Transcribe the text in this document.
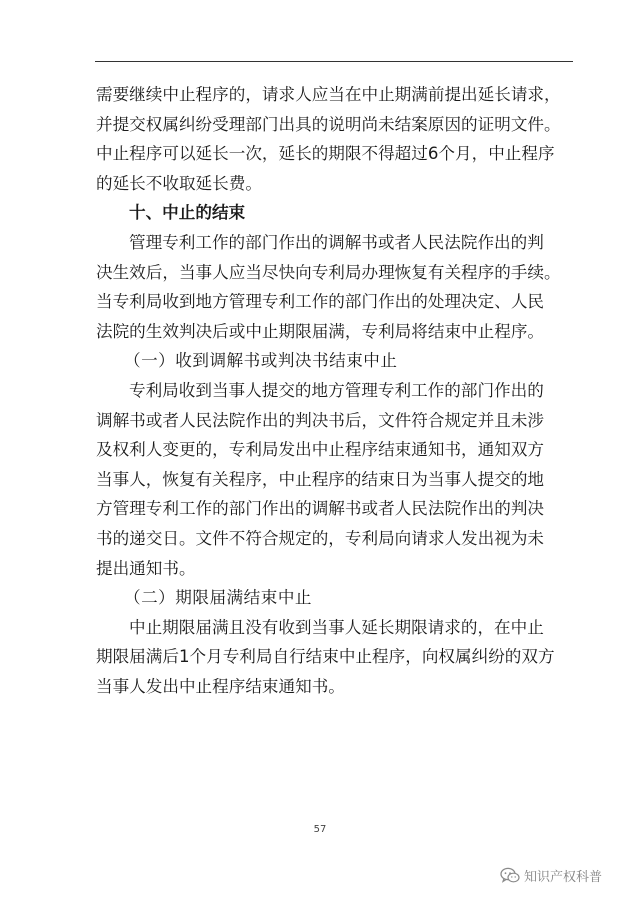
需要继续中止程序的，请求人应当在中止期满前提出延长请求，
并提交权属纠纷受理部门出具的说明尚未结案原因的证明文件。
中止程序可以延长一次，延长的期限不得超过6个月，中止程序
的延长不收取延长费。
十、中止的结束
管理专利工作的部门作出的调解书或者人民法院作出的判
决生效后，当事人应当尽快向专利局办理恢复有关程序的手续。
当专利局收到地方管理专利工作的部门作出的处理决定、人民
法院的生效判决后或中止期限届满，专利局将结束中止程序。
（一）收到调解书或判决书结束中止
专利局收到当事人提交的地方管理专利工作的部门作出的
调解书或者人民法院作出的判决书后，文件符合规定并且未涉
及权利人变更的，专利局发出中止程序结束通知书，通知双方
当事人，恢复有关程序，中止程序的结束日为当事人提交的地
方管理专利工作的部门作出的调解书或者人民法院作出的判决
书的递交日。文件不符合规定的，专利局向请求人发出视为未
提出通知书。
（二）期限届满结束中止
中止期限届满且没有收到当事人延长期限请求的，在中止
期限届满后1个月专利局自行结束中止程序，向权属纠纷的双方
当事人发出中止程序结束通知书。
57
知识产权科普
